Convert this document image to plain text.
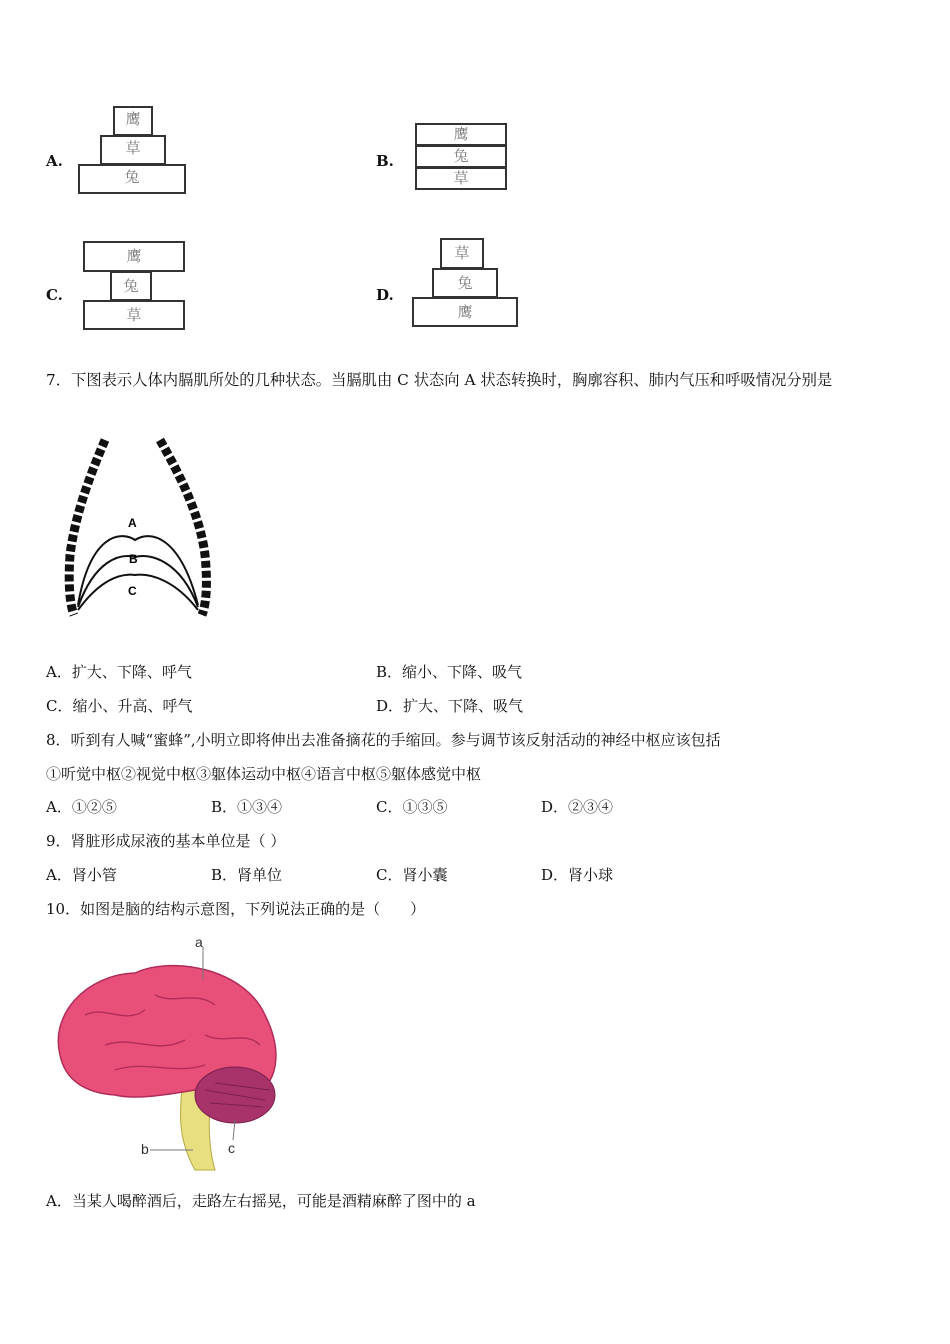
A.
鹰
草
兔
B.
鹰
兔
草
C.
鹰
兔
草
D.
草
兔
鹰
7．下图表示人体内膈肌所处的几种状态。当膈肌由 C 状态向 A 状态转换时，胸廓容积、肺内气压和呼吸情况分别是
A
B
C
A．扩大、下降、呼气	B．缩小、下降、吸气
C．缩小、升高、呼气	D．扩大、下降、吸气
8．听到有人喊“蜜蜂”,小明立即将伸出去准备摘花的手缩回。参与调节该反射活动的神经中枢应该包括
①听觉中枢②视觉中枢③躯体运动中枢④语言中枢⑤躯体感觉中枢
A．①②⑤	B．①③④	C．①③⑤	D．②③④
9．肾脏形成尿液的基本单位是（ ）
A．肾小管	B．肾单位	C．肾小囊	D．肾小球
10．如图是脑的结构示意图，下列说法正确的是（　　）
a
b	c
A．当某人喝醉酒后，走路左右摇晃，可能是酒精麻醉了图中的 a
